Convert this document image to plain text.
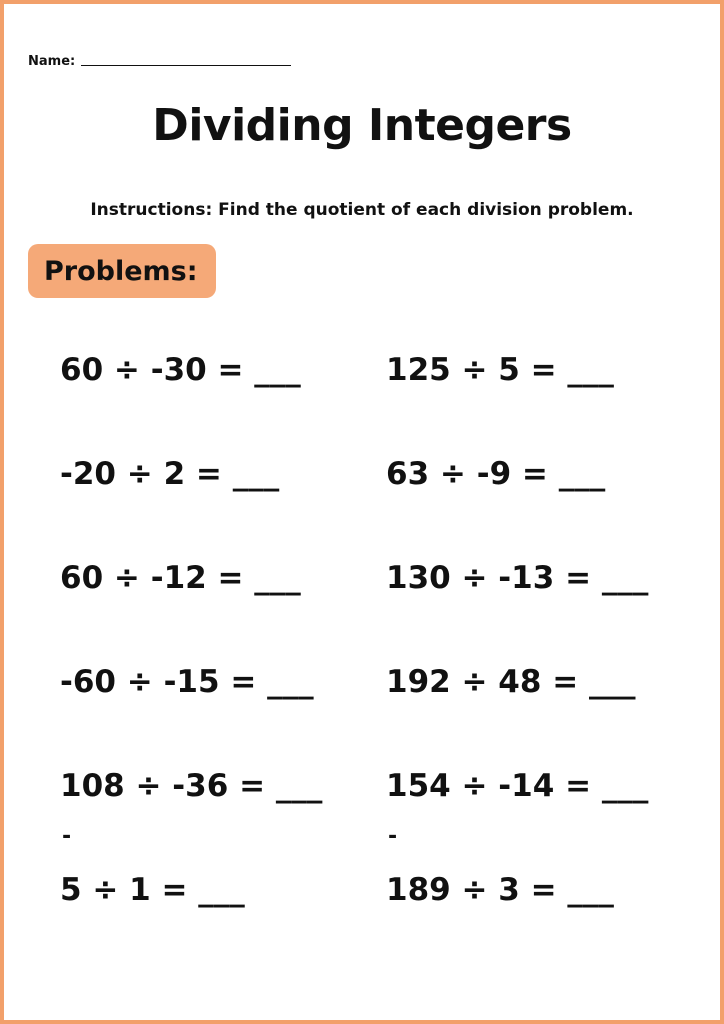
Name:
Dividing Integers
Instructions: Find the quotient of each division problem.
Problems:
60 ÷ -30 = ___
-20 ÷ 2 = ___
60 ÷ -12 = ___
-60 ÷ -15 = ___
108 ÷ -36 = ___
-
5 ÷ 1 = ___
125 ÷ 5 = ___
63 ÷ -9 = ___
130 ÷ -13 = ___
192 ÷ 48 = ___
154 ÷ -14 = ___
-
189 ÷ 3 = ___
